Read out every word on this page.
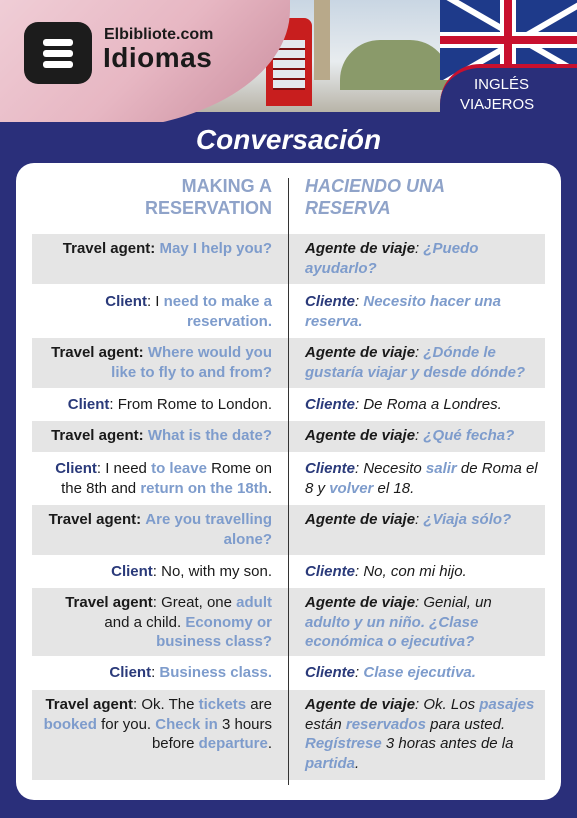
Elbibliote.com
Idiomas
INGLÉS
VIAJEROS
Conversación
MAKING A RESERVATION
HACIENDO UNA RESERVA
Travel agent: May I help you? Agente de viaje: ¿Puedo ayudarlo?
Client: I need to make a reservation.
Cliente: Necesito hacer una reserva.
Travel agent: Where would you like to fly to and from?
Agente de viaje: ¿Dónde le gustaría viajar y desde dónde?
Client: From Rome to London. Cliente: De Roma a Londres.
Travel agent: What is the date? Agente de viaje: ¿Qué fecha?
Client: I need to leave Rome on the 8th and return on the 18th.
Cliente: Necesito salir de Roma el 8 y volver el 18.
Travel agent: Are you travelling alone?
Agente de viaje: ¿Viaja sólo?
Client: No, with my son. Cliente: No, con mi hijo.
Travel agent: Great, one adult and a child. Economy or business class?
Agente de viaje: Genial, un adulto y un niño. ¿Clase económica o ejecutiva?
Client: Business class. Cliente: Clase ejecutiva.
Travel agent: Ok. The tickets are booked for you. Check in 3 hours before departure.
Agente de viaje: Ok. Los pasajes están reservados para usted. Regístrese 3 horas antes de la partida.
